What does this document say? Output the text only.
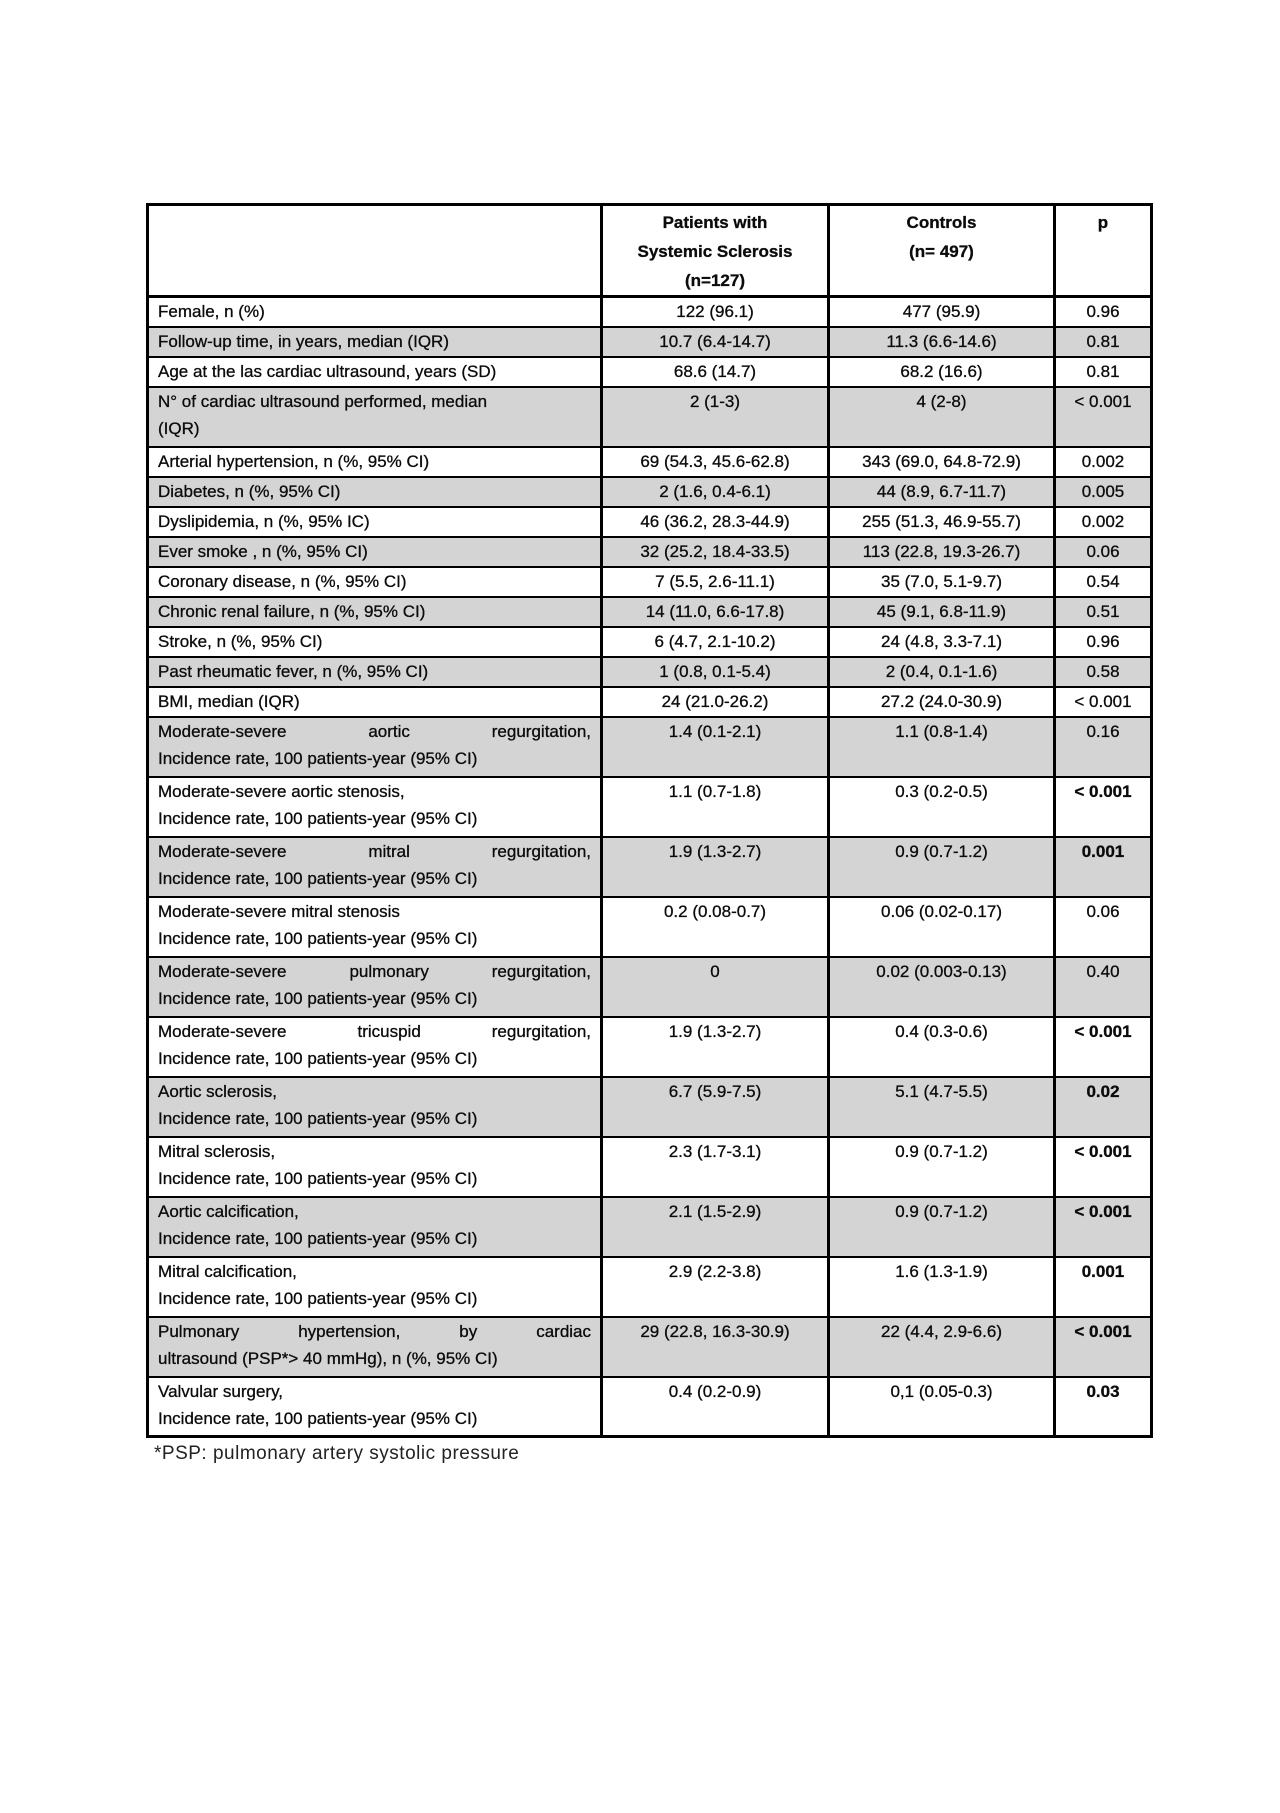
	Patients with
Systemic Sclerosis
(n=127)	Controls
(n= 497)	p

Female, n (%)	122 (96.1)	477 (95.9)	0.96

Follow-up time, in years, median (IQR)	10.7 (6.4-14.7)	11.3 (6.6-14.6)	0.81

Age at the las cardiac ultrasound, years (SD)	68.6 (14.7)	68.2 (16.6)	0.81

N° of cardiac ultrasound performed, median
(IQR)	2 (1-3)	4 (2-8)	< 0.001

Arterial hypertension, n (%, 95% CI)	69 (54.3, 45.6-62.8)	343 (69.0, 64.8-72.9)	0.002

Diabetes, n (%, 95% CI)	2 (1.6, 0.4-6.1)	44 (8.9, 6.7-11.7)	0.005

Dyslipidemia, n (%, 95% IC)	46 (36.2, 28.3-44.9)	255 (51.3, 46.9-55.7)	0.002

Ever smoke , n (%, 95% CI)	32 (25.2, 18.4-33.5)	113 (22.8, 19.3-26.7)	0.06

Coronary disease, n (%, 95% CI)	7 (5.5, 2.6-11.1)	35 (7.0, 5.1-9.7)	0.54

Chronic renal failure, n (%, 95% CI)	14 (11.0, 6.6-17.8)	45 (9.1, 6.8-11.9)	0.51

Stroke, n (%, 95% CI)	6 (4.7, 2.1-10.2)	24 (4.8, 3.3-7.1)	0.96

Past rheumatic fever, n (%, 95% CI)	1 (0.8, 0.1-5.4)	2 (0.4, 0.1-1.6)	0.58

BMI, median (IQR)	24 (21.0-26.2)	27.2 (24.0-30.9)	< 0.001

Moderate-severe aortic regurgitation,
Incidence rate, 100 patients-year (95% CI)	1.4 (0.1-2.1)	1.1 (0.8-1.4)	0.16

Moderate-severe aortic stenosis,
Incidence rate, 100 patients-year (95% CI)	1.1 (0.7-1.8)	0.3 (0.2-0.5)	< 0.001

Moderate-severe mitral regurgitation,
Incidence rate, 100 patients-year (95% CI)	1.9 (1.3-2.7)	0.9 (0.7-1.2)	0.001

Moderate-severe mitral stenosis
Incidence rate, 100 patients-year (95% CI)	0.2 (0.08-0.7)	0.06 (0.02-0.17)	0.06

Moderate-severe pulmonary regurgitation,
Incidence rate, 100 patients-year (95% CI)	0	0.02 (0.003-0.13)	0.40

Moderate-severe tricuspid regurgitation,
Incidence rate, 100 patients-year (95% CI)	1.9 (1.3-2.7)	0.4 (0.3-0.6)	< 0.001

Aortic sclerosis,
Incidence rate, 100 patients-year (95% CI)	6.7 (5.9-7.5)	5.1 (4.7-5.5)	0.02

Mitral sclerosis,
Incidence rate, 100 patients-year (95% CI)	2.3 (1.7-3.1)	0.9 (0.7-1.2)	< 0.001

Aortic calcification,
Incidence rate, 100 patients-year (95% CI)	2.1 (1.5-2.9)	0.9 (0.7-1.2)	< 0.001

Mitral calcification,
Incidence rate, 100 patients-year (95% CI)	2.9 (2.2-3.8)	1.6 (1.3-1.9)	0.001

Pulmonary hypertension, by cardiac
ultrasound (PSP*> 40 mmHg), n (%, 95% CI)	29 (22.8, 16.3-30.9)	22 (4.4, 2.9-6.6)	< 0.001

Valvular surgery,
Incidence rate, 100 patients-year (95% CI)	0.4 (0.2-0.9)	0,1 (0.05-0.3)	0.03
*PSP: pulmonary artery systolic pressure
